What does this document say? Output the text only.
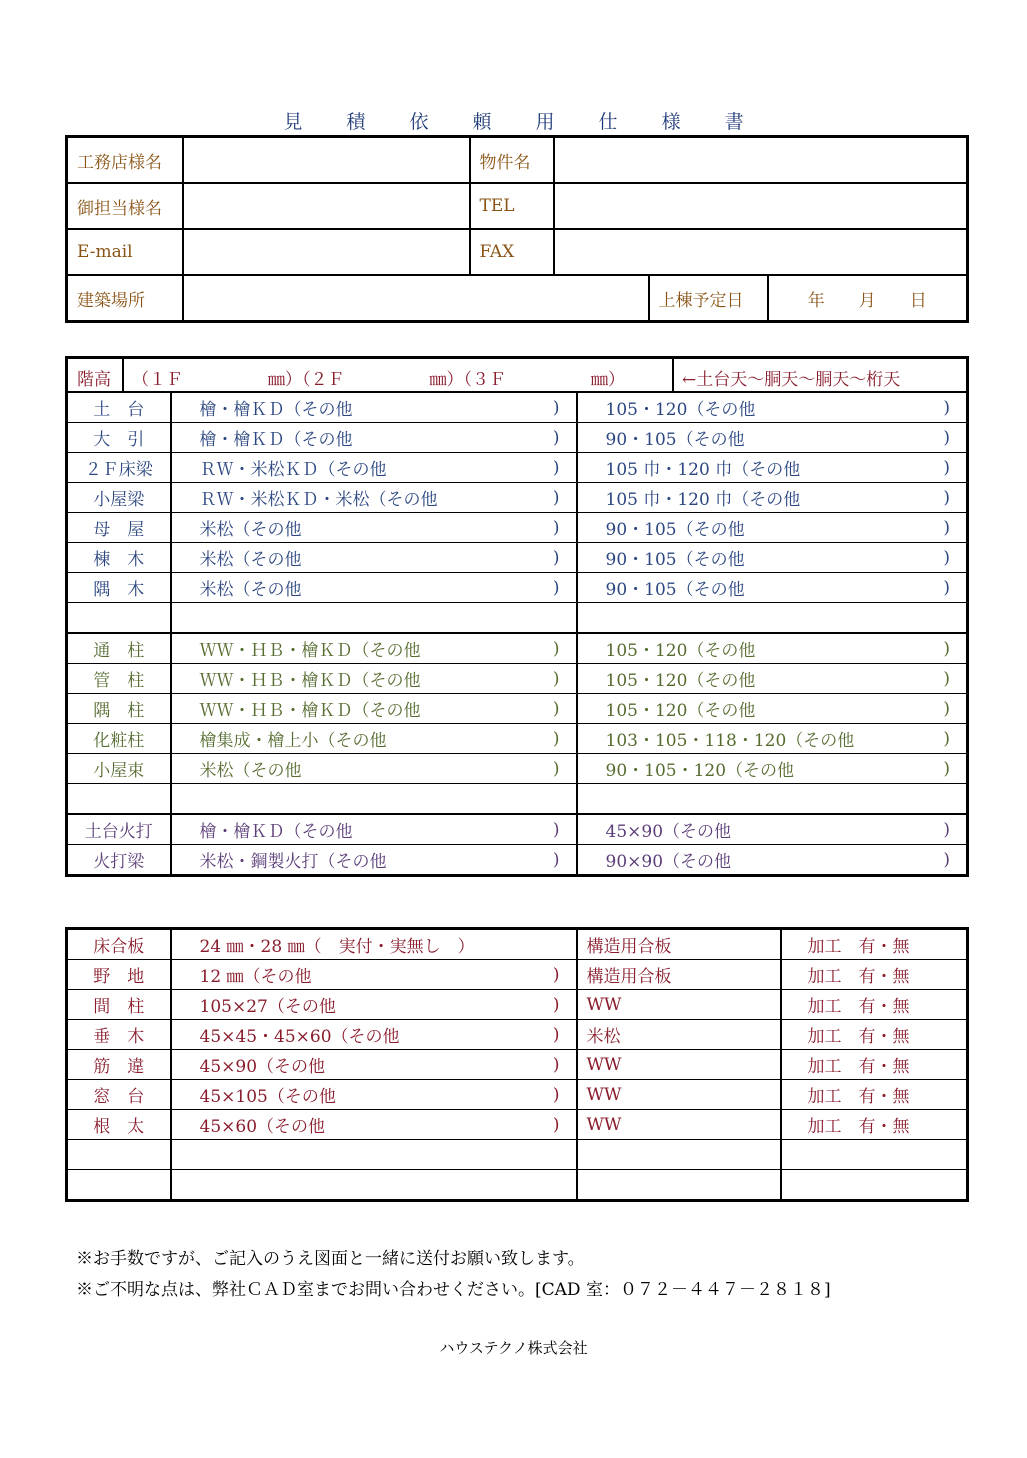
見 積 依 頼 用 仕 様 書
工務店様名		物件名			
御担当様名		TEL			
E-mail		FAX			
建築場所				上棟予定日	年　　月　　日
階高 （１Ｆ　　　　　㎜）（２Ｆ　　　　　㎜）（３Ｆ　　　　　㎜） ←土台天～胴天～胴天～桁天		

土　台	檜・檜ＫＤ（その他 )	105・120（その他 )

大　引	檜・檜ＫＤ（その他 )	90・105（その他 )

２Ｆ床梁	ＲＷ・米松ＫＤ（その他 )	105 巾・120 巾（その他 )

小屋梁	ＲＷ・米松ＫＤ・米松（その他 )	105 巾・120 巾（その他 )

母　屋	米松（その他 )	90・105（その他 )

棟　木	米松（その他 )	90・105（その他 )

隅　木	米松（その他 )	90・105（その他 )

通　柱	ＷＷ・ＨＢ・檜ＫＤ（その他 )	105・120（その他 )

管　柱	ＷＷ・ＨＢ・檜ＫＤ（その他 )	105・120（その他 )

隅　柱	ＷＷ・ＨＢ・檜ＫＤ（その他 )	105・120（その他 )

化粧柱	檜集成・檜上小（その他 )	103・105・118・120（その他 )

小屋束	米松（その他 )	90・105・120（その他 )

土台火打	檜・檜ＫＤ（その他 )	45×90（その他 )

火打梁	米松・鋼製火打（その他 )	90×90（その他 )
床合板	24 ㎜・28 ㎜（　実付・実無し　）	構造用合板	加工　有・無
野　地	12 ㎜（その他 )	構造用合板	加工　有・無
間　柱	105×27（その他 )	WW	加工　有・無
垂　木	45×45・45×60（その他 )	米松	加工　有・無
筋　違	45×90（その他 )	WW	加工　有・無
窓　台	45×105（その他 )	WW	加工　有・無
根　太	45×60（その他 )	WW	加工　有・無

※お手数ですが、ご記入のうえ図面と一緒に送付お願い致します。
※ご不明な点は、弊社ＣＡＤ室までお問い合わせください。[CAD 室：０７２－４４７－２８１８]
ハウステクノ株式会社
